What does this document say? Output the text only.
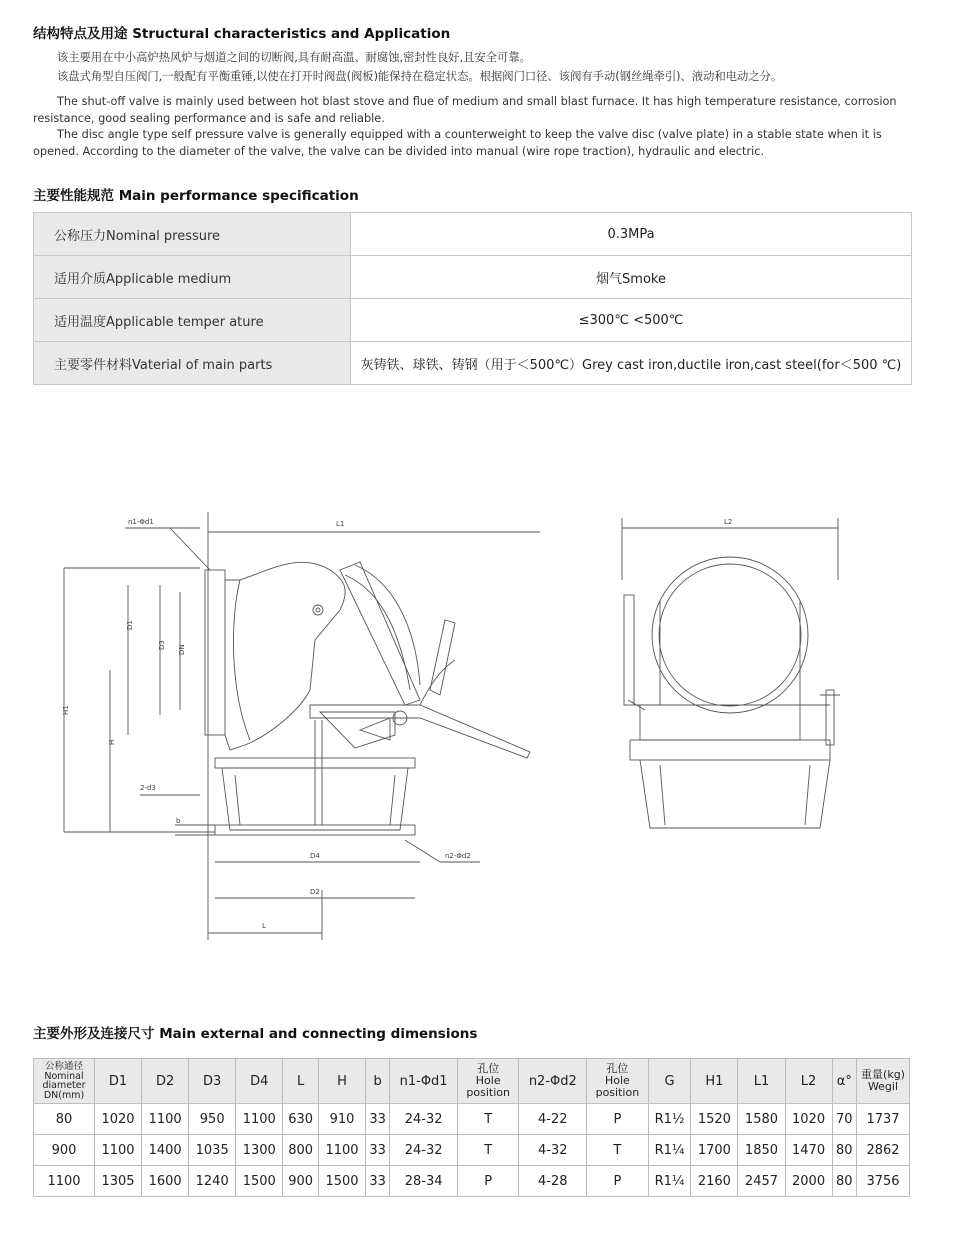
结构特点及用途 Structural characteristics and Application

该主要用在中小高炉热风炉与烟道之间的切断阀,具有耐高温、耐腐蚀,密封性良好,且安全可靠。

该盘式角型自压阀门,一般配有平衡重锤,以使在打开时阀盘(阀板)能保持在稳定状态。根据阀门口径、该阀有手动(钢丝绳牵引)、液动和电动之分。

The shut-off valve is mainly used between hot blast stove and flue of medium and small blast furnace. It has high temperature resistance, corrosion resistance, good sealing performance and is safe and reliable.

The disc angle type self pressure valve is generally equipped with a counterweight to keep the valve disc (valve plate) in a stable state when it is opened. According to the diameter of the valve, the valve can be divided into manual (wire rope traction), hydraulic and electric.

主要性能规范 Main performance specification
公称压力Nominal pressure	0.3MPa
适用介质Applicable medium	烟气Smoke
适用温度Applicable temper ature	≤300℃ <500℃
主要零件材料Vaterial of main parts	灰铸铁、球铁、铸钢（用于＜500℃）Grey cast iron,ductile iron,cast steel(for＜500 ℃)
n1-Φd1	L1	L2
D1
D3 DN
H1
H
2-d3
b
D4
D2
L
n2-Φd2
主要外形及连接尺寸 Main external and connecting dimensions
公称通径
Nominal
diameter
DN(mm)	D1	D2	D3	D4	L	H	b	n1-Φd1	孔位
Hole
position	n2-Φd2	孔位
Hole
position	G	H1	L1	L2	α°	重量(kg)
Wegil

80	1020	1100	950	1100	630	910	33	24-32	T	4-22	P	R1½	1520	1580	1020	70	1737
900	1100	1400	1035	1300	800	1100	33	24-32	T	4-32	T	R1¼	1700	1850	1470	80	2862
1100	1305	1600	1240	1500	900	1500	33	28-34	P	4-28	P	R1¼	2160	2457	2000	80	3756
